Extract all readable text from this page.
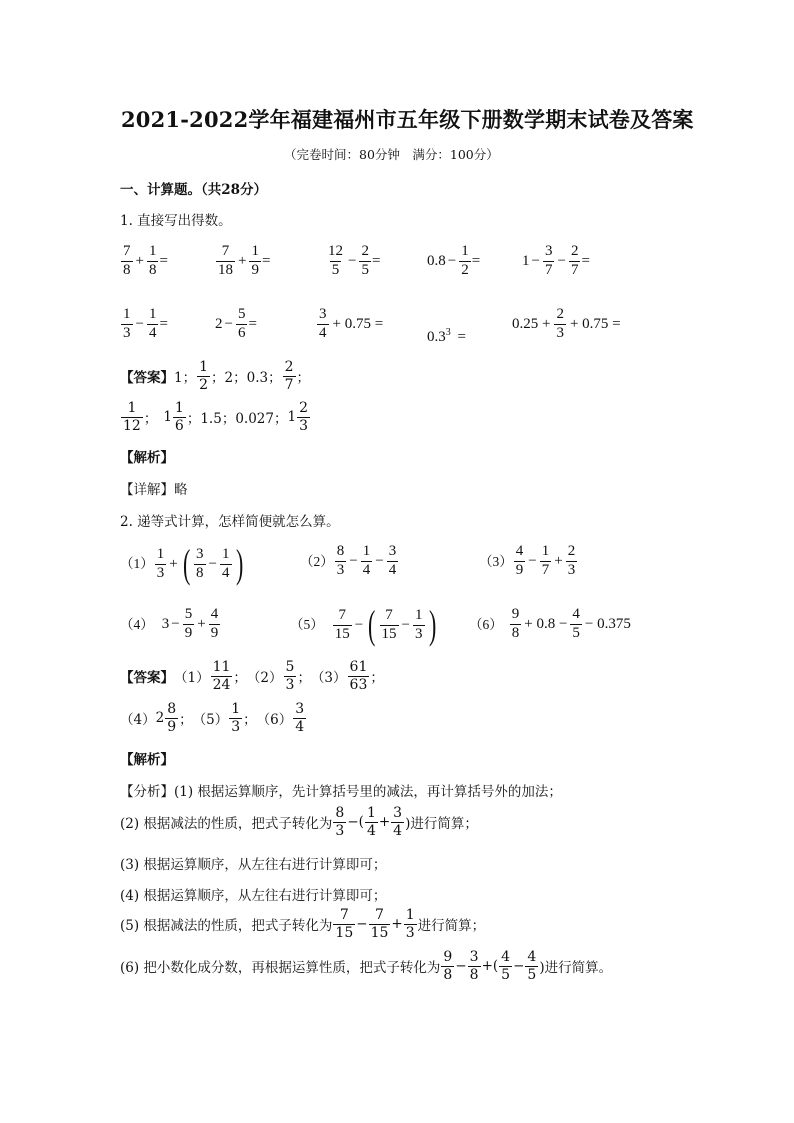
2021-2022学年福建福州市五年级下册数学期末试卷及答案
（完卷时间：80分钟　满分：100分）
一、计算题。（共28分）
1. 直接写出得数。
7
8
+ $\frac{1}{8}$ =
7
18
+ $\frac{1}{9}$ =
12
5
− $\frac{2}{5}$ =	$0.8 - \frac{1}{2}$ =	$1 - \frac{3}{7} - \frac{2}{7}$ =
1
3
− $\frac{1}{4}$ =	$2 - \frac{5}{6}$ =
3
4
+ 0.75 =
$0.3^3$ =
$0.25 + \frac{2}{3} + 0.75$ =
【答案】 1；
1
2 ；2；0.3；
2
7 ；
1
12 ； 1
1
6 ；1.5；0.027； 1
2
3
【解析】
【详解】略
2. 递等式计算，怎样简便就怎么算。
（1）
1
3
+ ( 3
8
− $\frac{1}{4}$ )	（2）
8
3
− $\frac{1}{4} - \frac{3}{4}$	（3）
4
9
− $\frac{1}{7} + \frac{2}{3}$
（4） $3 - \frac{5}{9} + \frac{4}{9}$	（5）
7
15
− ( 7
15
− $\frac{1}{3}$ ) （6）
9
8
+ $0.8 - \frac{4}{5} - 0.375$
【答案】 （1）
11
24 ； （2）
5
3 ； （3）
61
63 ；
（4） 2
8
9 ； （5）
1
3 ； （6）
3
4
【解析】
【分析】(1) 根据运算顺序，先计算括号里的减法，再计算括号外的加法；
(2) 根据减法的性质，把式子转化为
8
3
−(
1
4
+ $\frac{3}{4}$ )进行简算；
(3) 根据运算顺序，从左往右进行计算即可；
(4) 根据运算顺序，从左往右进行计算即可；
(5) 根据减法的性质，把式子转化为
7
15
− $\frac{7}{15} + \frac{1}{3}$ 进行简算；
(6) 把小数化成分数，再根据运算性质，把式子转化为
9
8
− $\frac{3}{8}$ +(
4
5
− $\frac{4}{5}$ )进行简算。
